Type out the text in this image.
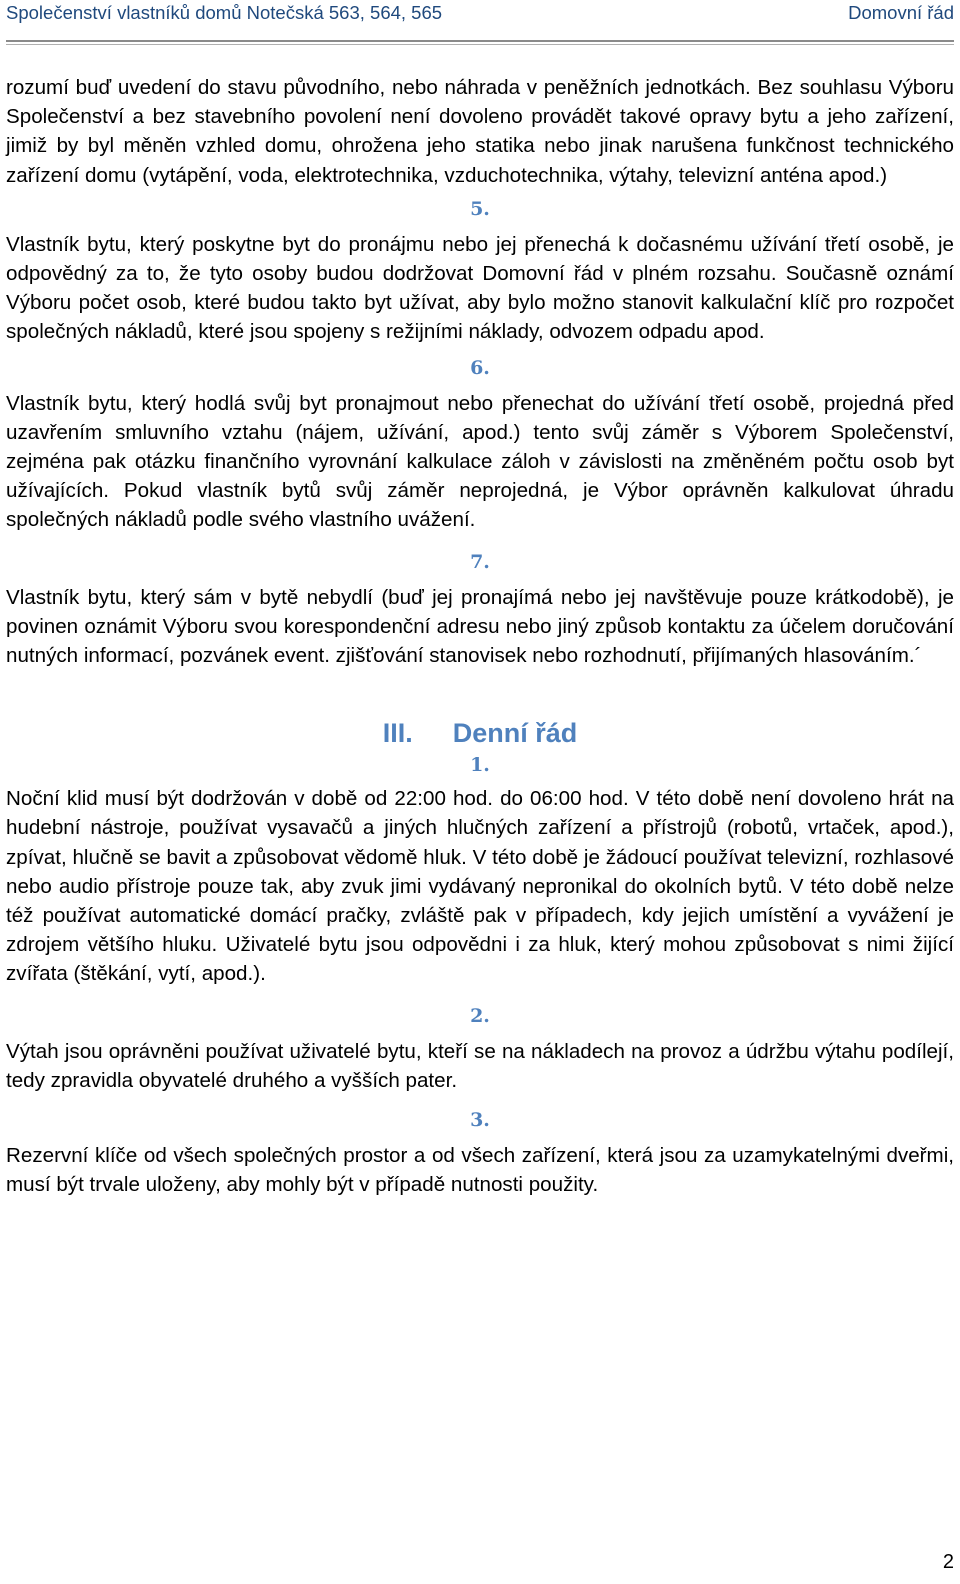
Společenství vlastníků domů Notečská 563, 564, 565	Domovní řád

rozumí buď uvedení do stavu původního, nebo náhrada v peněžních jednotkách. Bez souhlasu Výboru Společenství a bez stavebního povolení není dovoleno provádět takové opravy bytu a jeho zařízení, jimiž by byl měněn vzhled domu, ohrožena jeho statika nebo jinak narušena funkčnost technického zařízení domu (vytápění, voda, elektrotechnika, vzduchotechnika, výtahy, televizní anténa apod.)

5.

Vlastník bytu, který poskytne byt do pronájmu nebo jej přenechá k dočasnému užívání třetí osobě, je odpovědný za to, že tyto osoby budou dodržovat Domovní řád v plném rozsahu. Současně oznámí Výboru počet osob, které budou takto byt užívat, aby bylo možno stanovit kalkulační klíč pro rozpočet společných nákladů, které jsou spojeny s režijními náklady, odvozem odpadu apod.

6.

Vlastník bytu, který hodlá svůj byt pronajmout nebo přenechat do užívání třetí osobě, projedná před uzavřením smluvního vztahu (nájem, užívání, apod.) tento svůj záměr s Výborem Společenství, zejména pak otázku finančního vyrovnání kalkulace záloh v závislosti na změněném počtu osob byt užívajících. Pokud vlastník bytů svůj záměr neprojedná, je Výbor oprávněn kalkulovat úhradu společných nákladů podle svého vlastního uvážení.

7.

Vlastník bytu, který sám v bytě nebydlí (buď jej pronajímá nebo jej navštěvuje pouze krátkodobě), je povinen oznámit Výboru svou korespondenční adresu nebo jiný způsob kontaktu za účelem doručování nutných informací, pozvánek event. zjišťování stanovisek nebo rozhodnutí, přijímaných hlasováním.´

III. Denní řád
1.

Noční klid musí být dodržován v době od 22:00 hod. do 06:00 hod. V této době není dovoleno hrát na hudební nástroje, používat vysavačů a jiných hlučných zařízení a přístrojů (robotů, vrtaček, apod.), zpívat, hlučně se bavit a způsobovat vědomě hluk. V této době je žádoucí používat televizní, rozhlasové nebo audio přístroje pouze tak, aby zvuk jimi vydávaný nepronikal do okolních bytů. V této době nelze též používat automatické domácí pračky, zvláště pak v případech, kdy jejich umístění a vyvážení je zdrojem většího hluku. Uživatelé bytu jsou odpovědni i za hluk, který mohou způsobovat s nimi žijící zvířata (štěkání, vytí, apod.).

2.

Výtah jsou oprávněni používat uživatelé bytu, kteří se na nákladech na provoz a údržbu výtahu podílejí, tedy zpravidla obyvatelé druhého a vyšších pater.

3.

Rezervní klíče od všech společných prostor a od všech zařízení, která jsou za uzamykatelnými dveřmi, musí být trvale uloženy, aby mohly být v případě nutnosti použity.

2
